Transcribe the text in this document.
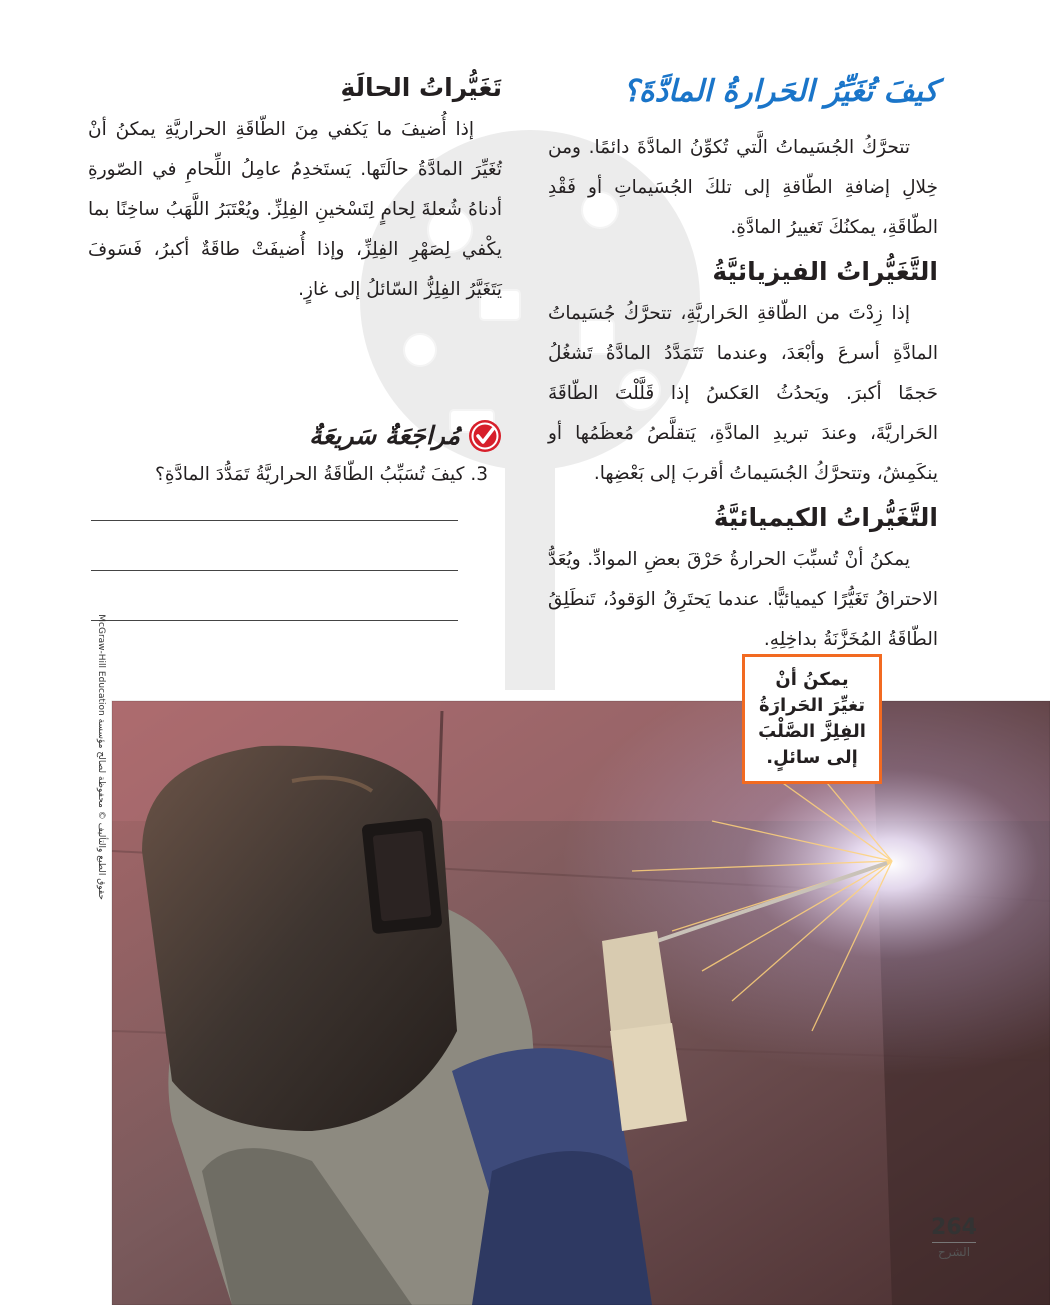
كيفَ تُغَيِّرُ الحَرارةُ المادَّةَ؟

تتحرَّكُ الجُسَيماتُ الَّتي تُكوِّنُ المادَّةَ دائمًا. ومن خِلالِ إضافةِ الطّاقةِ إلى تلكَ الجُسَيماتِ أو فَقْدِ الطّاقَةِ، يمكنُكَ تَغييرُ المادَّةِ.

التَّغَيُّراتُ الفيزيائيَّةُ

إذا زِدْتَ من الطّاقةِ الحَراريَّةِ، تتحرَّكُ جُسَيماتُ المادَّةِ أسرعَ وأبْعَدَ، وعندما تَتَمَدَّدُ المادَّةُ تَشغُلُ حَجمًا أكبرَ. ويَحدُثُ العَكسُ إذا قَلَّلْتَ الطّاقَةَ الحَراريَّةَ، وعندَ تبريدِ المادَّةِ، يَتقلَّصُ مُعظَمُها أو ينكَمِشُ، وتتحرَّكُ الجُسَيماتُ أقربَ إلى بَعْضِها.

التَّغَيُّراتُ الكيميائيَّةُ

يمكنُ أنْ تُسبِّبَ الحرارةُ حَرْقَ بعضِ الموادِّ. ويُعَدُّ الاحتراقُ تَغَيُّرًا كيميائيًّا. عندما يَحتَرِقُ الوَقودُ، تَنطَلِقُ الطّاقَةُ المُخَزَّنَةُ بداخِلِهِ.

تَغَيُّراتُ الحالَةِ

إذا أُضيفَ ما يَكفي مِنَ الطّاقَةِ الحراريَّةِ يمكنُ أنْ تُغَيِّرَ المادَّةُ حالَتَها. يَستَخدِمُ عامِلُ اللِّحامِ في الصّورةِ أدناهُ شُعلةَ لِحامٍ لِتَسْخينِ الفِلِزِّ. ويُعْتَبَرُ اللَّهَبُ ساخِنًا بما يكْفي لِصَهْرِ الفِلِزِّ، وإذا أُضيفَتْ طاقَةٌ أكبرُ، فَسَوفَ يَتَغَيَّرُ الفِلِزُّ السّائلُ إلى غازٍ.

مُراجَعَةٌ سَريعَةٌ
3. كيفَ تُسَبِّبُ الطّاقَةُ الحراريَّةُ تَمَدُّدَ المادَّةِ؟
يمكنُ أنْ
تغيِّرَ الحَرارَةُ
الفِلِزَّ الصَّلْبَ
إلى سائلٍ.
حقوق الطبع والتأليف © محفوظة لصالح مؤسسة McGraw-Hill Education
264
الشرح
